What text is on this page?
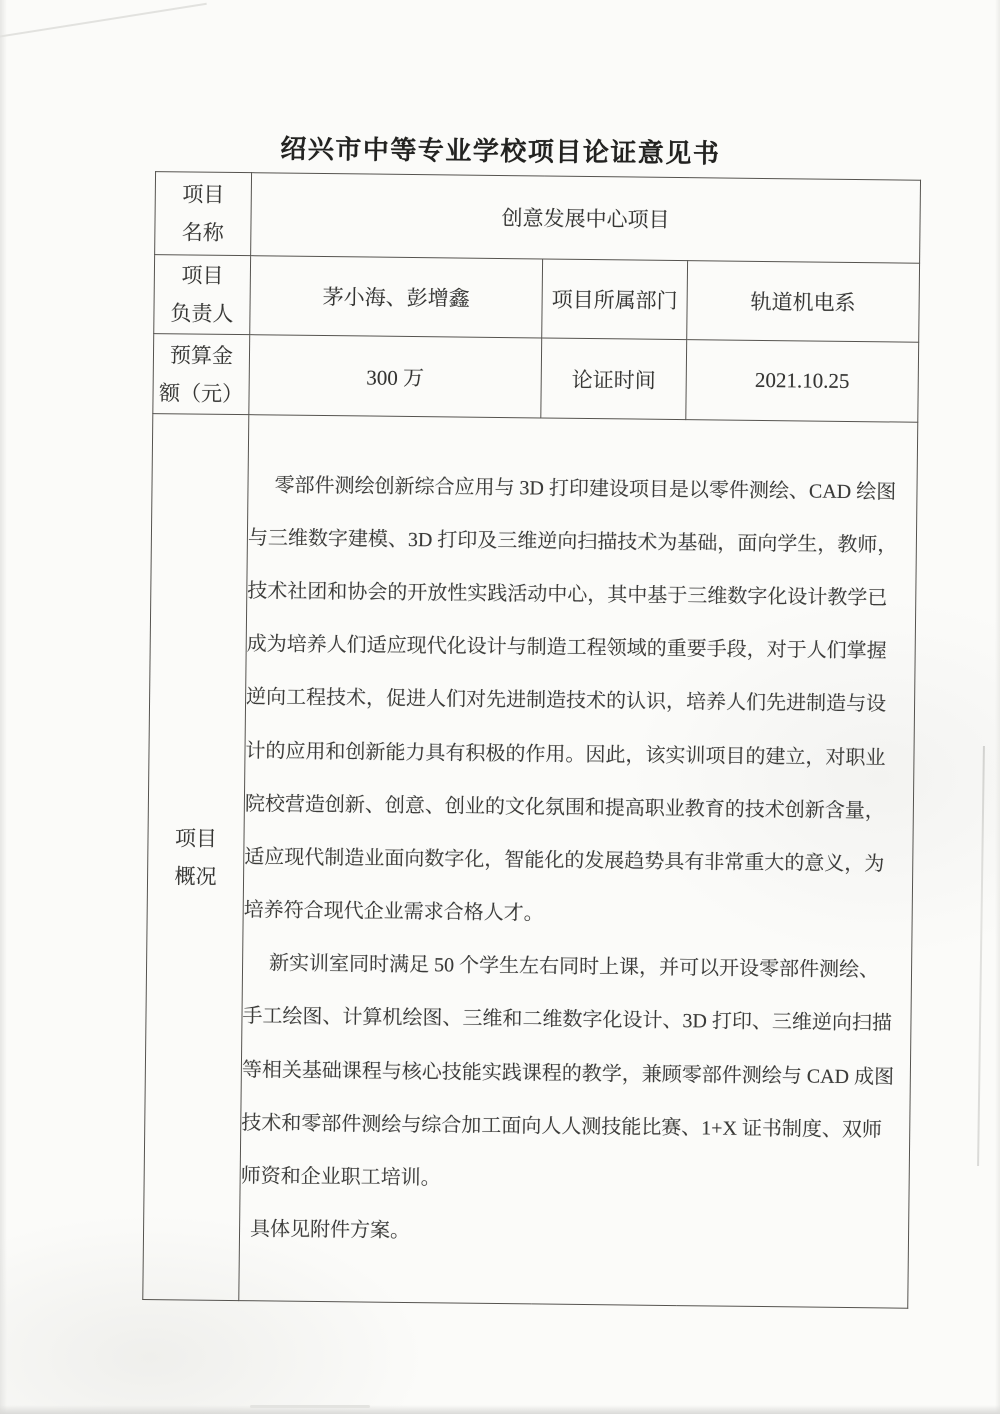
绍兴市中等专业学校项目论证意见书
项目
名称	创意发展中心项目		

项目
负责人	茅小海、彭增鑫	项目所属部门	轨道机电系

预算金
额（元）	300 万	论证时间	2021.10.25

项目
概况

零部件测绘创新综合应用与 3D 打印建设项目是以零件测绘、CAD 绘图
与三维数字建模、3D 打印及三维逆向扫描技术为基础，面向学生，教师，
技术社团和协会的开放性实践活动中心，其中基于三维数字化设计教学已
成为培养人们适应现代化设计与制造工程领域的重要手段，对于人们掌握
逆向工程技术，促进人们对先进制造技术的认识，培养人们先进制造与设
计的应用和创新能力具有积极的作用。因此，该实训项目的建立，对职业
院校营造创新、创意、创业的文化氛围和提高职业教育的技术创新含量，
适应现代制造业面向数字化，智能化的发展趋势具有非常重大的意义，为
培养符合现代企业需求合格人才。
新实训室同时满足 50 个学生左右同时上课，并可以开设零部件测绘、
手工绘图、计算机绘图、三维和二维数字化设计、3D 打印、三维逆向扫描
等相关基础课程与核心技能实践课程的教学，兼顾零部件测绘与 CAD 成图
技术和零部件测绘与综合加工面向人人测技能比赛、1+X 证书制度、双师
师资和企业职工培训。
具体见附件方案。
